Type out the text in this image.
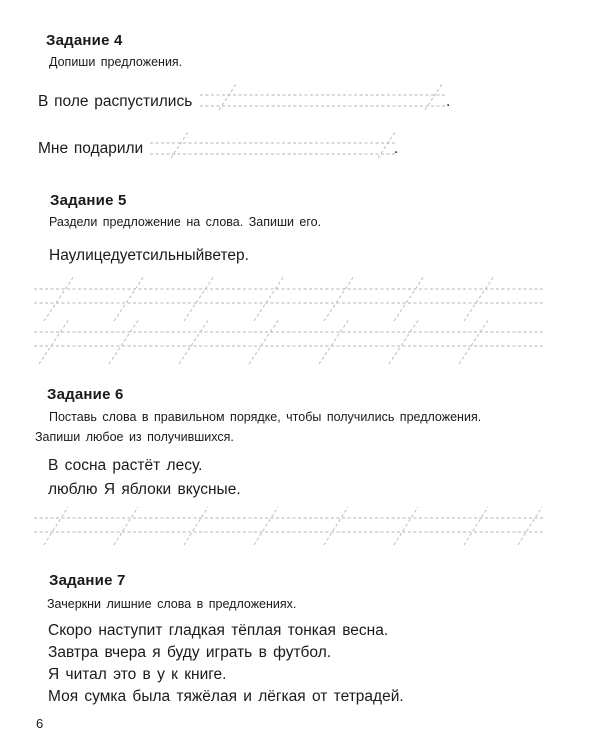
Задание 4
Допиши предложения.
В поле распустились	.
Мне подарили	.
Задание 5
Раздели предложение на слова. Запиши его.
Наулицедуетсильныйветер.
Задание 6
Поставь слова в правильном порядке, чтобы получились предложения.
Запиши любое из получившихся.
В сосна растёт лесу.
люблю Я яблоки вкусные.
Задание 7
Зачеркни лишние слова в предложениях.
Скоро наступит гладкая тёплая тонкая весна.
Завтра вчера я буду играть в футбол.
Я читал это в у к книге.
Моя сумка была тяжёлая и лёгкая от тетрадей.
6
